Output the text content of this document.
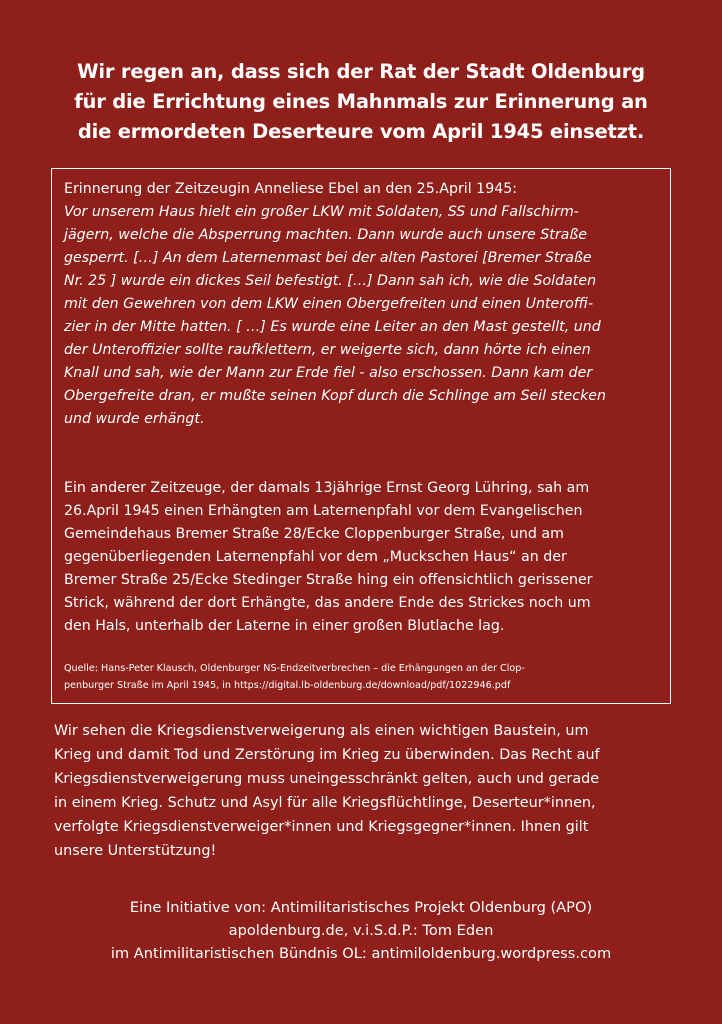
Wir regen an, dass sich der Rat der Stadt Oldenburg
für die Errichtung eines Mahnmals zur Erinnerung an
die ermordeten Deserteure vom April 1945 einsetzt.
Erinnerung der Zeitzeugin Anneliese Ebel an den 25.April 1945:
Vor unserem Haus hielt ein großer LKW mit Soldaten, SS und Fallschirm-
jägern, welche die Absperrung machten. Dann wurde auch unsere Straße
gesperrt. […] An dem Laternenmast bei der alten Pastorei [Bremer Straße
Nr. 25 ] wurde ein dickes Seil befestigt. […] Dann sah ich, wie die Soldaten
mit den Gewehren von dem LKW einen Obergefreiten und einen Unteroffi-
zier in der Mitte hatten. [ …] Es wurde eine Leiter an den Mast gestellt, und
der Unteroffizier sollte raufklettern, er weigerte sich, dann hörte ich einen
Knall und sah, wie der Mann zur Erde fiel - also erschossen. Dann kam der
Obergefreite dran, er mußte seinen Kopf durch die Schlinge am Seil stecken
und wurde erhängt.
Ein anderer Zeitzeuge, der damals 13jährige Ernst Georg Lühring, sah am
26.April 1945 einen Erhängten am Laternenpfahl vor dem Evangelischen
Gemeindehaus Bremer Straße 28/Ecke Cloppenburger Straße, und am
gegenüberliegenden Laternenpfahl vor dem „Muckschen Haus“ an der
Bremer Straße 25/Ecke Stedinger Straße hing ein offensichtlich gerissener
Strick, während der dort Erhängte, das andere Ende des Strickes noch um
den Hals, unterhalb der Laterne in einer großen Blutlache lag.
Quelle: Hans-Peter Klausch, Oldenburger NS-Endzeitverbrechen – die Erhängungen an der Clop-
penburger Straße im April 1945, in https://digital.lb-oldenburg.de/download/pdf/1022946.pdf
Wir sehen die Kriegsdienstverweigerung als einen wichtigen Baustein, um
Krieg und damit Tod und Zerstörung im Krieg zu überwinden. Das Recht auf
Kriegsdienstverweigerung muss uneingesschränkt gelten, auch und gerade
in einem Krieg. Schutz und Asyl für alle Kriegsflüchtlinge, Deserteur*innen,
verfolgte Kriegsdienstverweiger*innen und Kriegsgegner*innen. Ihnen gilt
unsere Unterstützung!
Eine Initiative von: Antimilitaristisches Projekt Oldenburg (APO)
apoldenburg.de, v.i.S.d.P.: Tom Eden
im Antimilitaristischen Bündnis OL: antimiloldenburg.wordpress.com
